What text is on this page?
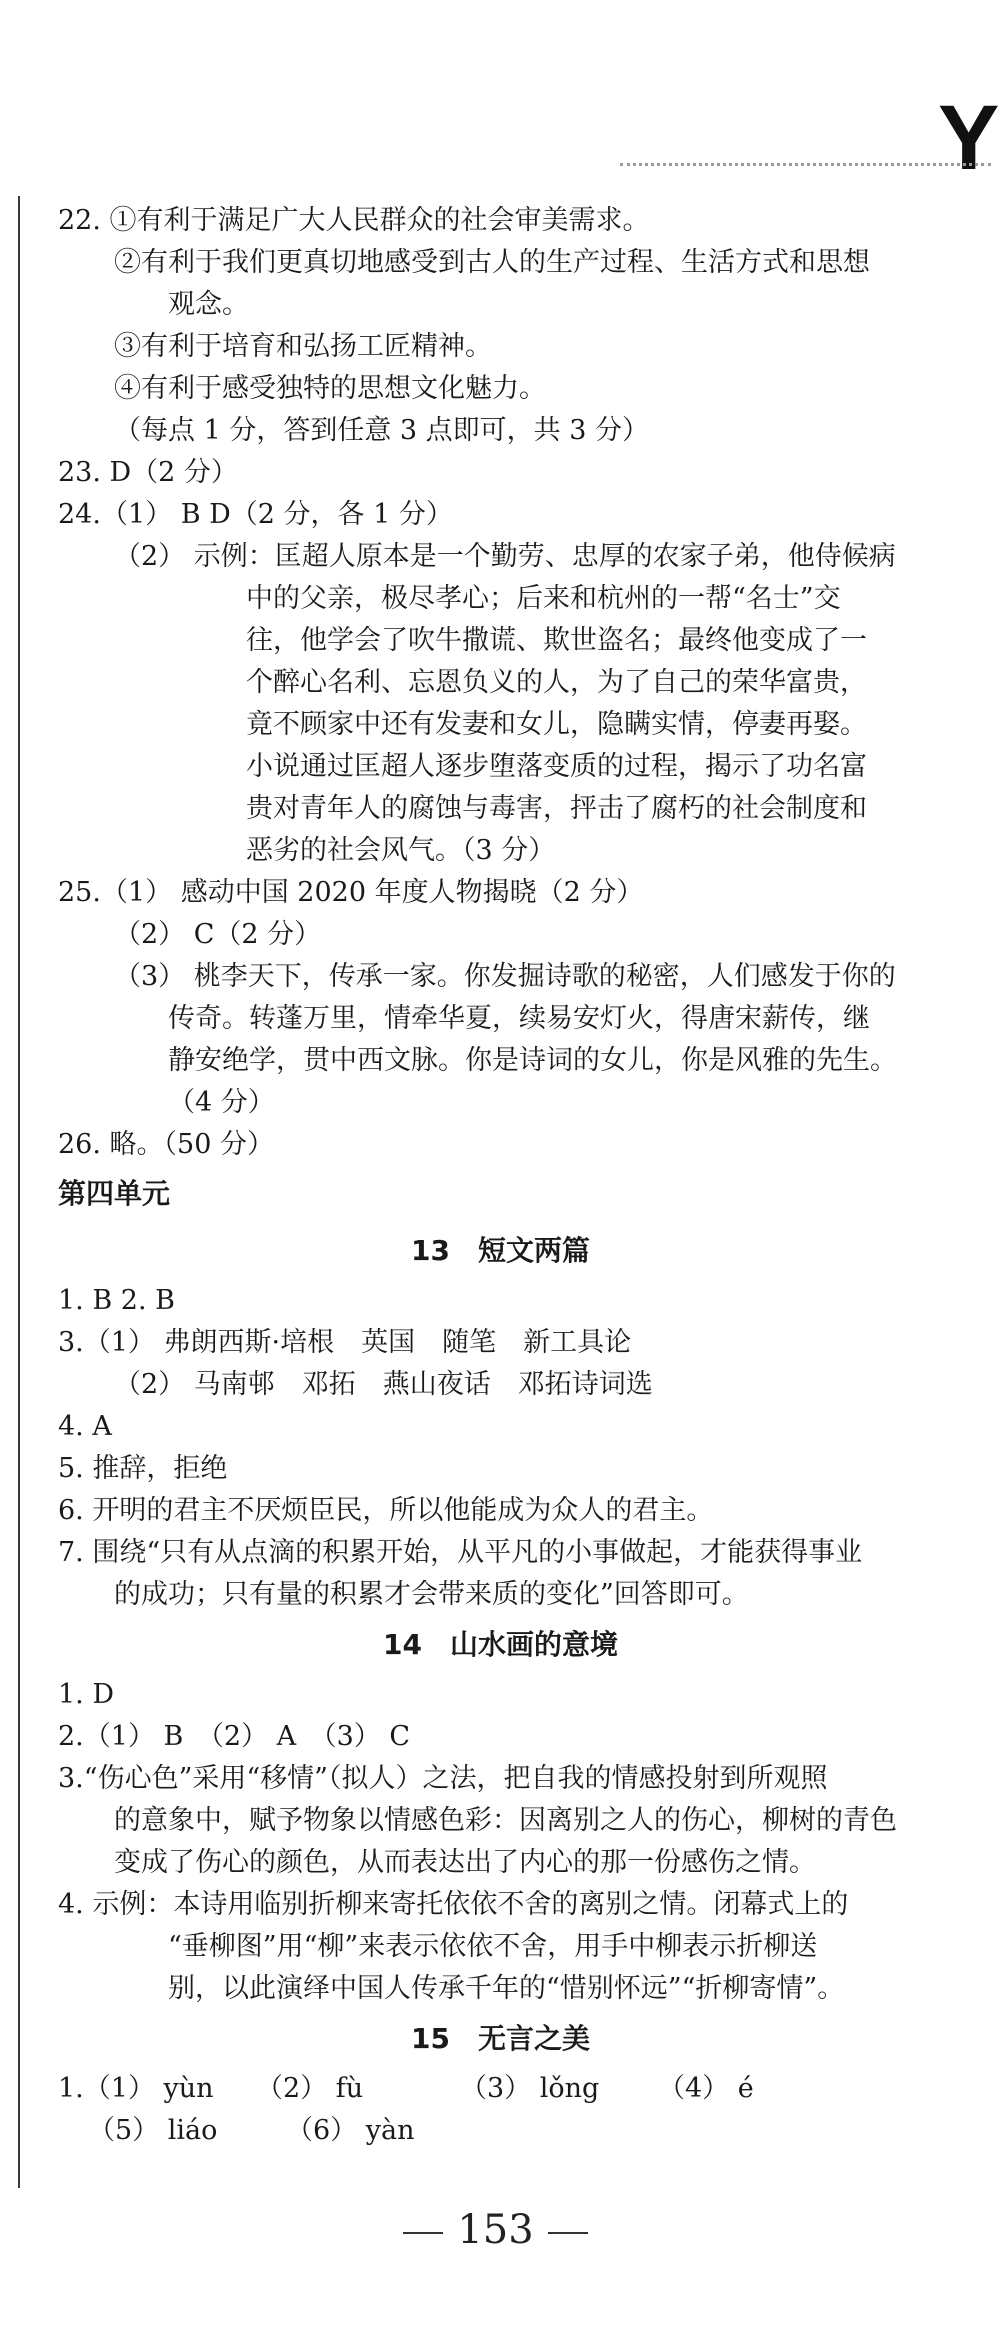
Y
22. ①有利于满足广大人民群众的社会审美需求。
②有利于我们更真切地感受到古人的生产过程、生活方式和思想
观念。
③有利于培育和弘扬工匠精神。
④有利于感受独特的思想文化魅力。
（每点 1 分，答到任意 3 点即可，共 3 分）
23. D（2 分）
24.（1） B D（2 分，各 1 分）
（2） 示例：匡超人原本是一个勤劳、忠厚的农家子弟，他侍候病
中的父亲，极尽孝心；后来和杭州的一帮“名士”交
往，他学会了吹牛撒谎、欺世盗名；最终他变成了一
个醉心名利、忘恩负义的人，为了自己的荣华富贵，
竟不顾家中还有发妻和女儿，隐瞒实情，停妻再娶。
小说通过匡超人逐步堕落变质的过程，揭示了功名富
贵对青年人的腐蚀与毒害，抨击了腐朽的社会制度和
恶劣的社会风气。（3 分）
25.（1） 感动中国 2020 年度人物揭晓（2 分）
（2） C（2 分）
（3） 桃李天下，传承一家。你发掘诗歌的秘密，人们感发于你的
传奇。转蓬万里，情牵华夏，续易安灯火，得唐宋薪传，继
静安绝学，贯中西文脉。你是诗词的女儿，你是风雅的先生。
（4 分）
26. 略。（50 分）
第四单元
13　短文两篇
1. B 2. B
3.（1） 弗朗西斯·培根　英国　随笔　新工具论
（2） 马南邨　邓拓　燕山夜话　邓拓诗词选
4. A
5. 推辞，拒绝
6. 开明的君主不厌烦臣民，所以他能成为众人的君主。
7. 围绕“只有从点滴的积累开始，从平凡的小事做起，才能获得事业
的成功；只有量的积累才会带来质的变化”回答即可。
14　山水画的意境
1. D
2.（1） B　（2） A　（3） C
3.“伤心色”采用“移情”（拟人）之法，把自我的情感投射到所观照
的意象中，赋予物象以情感色彩：因离别之人的伤心，柳树的青色
变成了伤心的颜色，从而表达出了内心的那一份感伤之情。
4. 示例：本诗用临别折柳来寄托依依不舍的离别之情。闭幕式上的
“垂柳图”用“柳”来表示依依不舍，用手中柳表示折柳送
别，以此演绎中国人传承千年的“惜别怀远”“折柳寄情”。
15　无言之美
1.（1） yùn	（2） fù	（3） lǒng	（4） é
（5） liáo	（6） yàn
153
